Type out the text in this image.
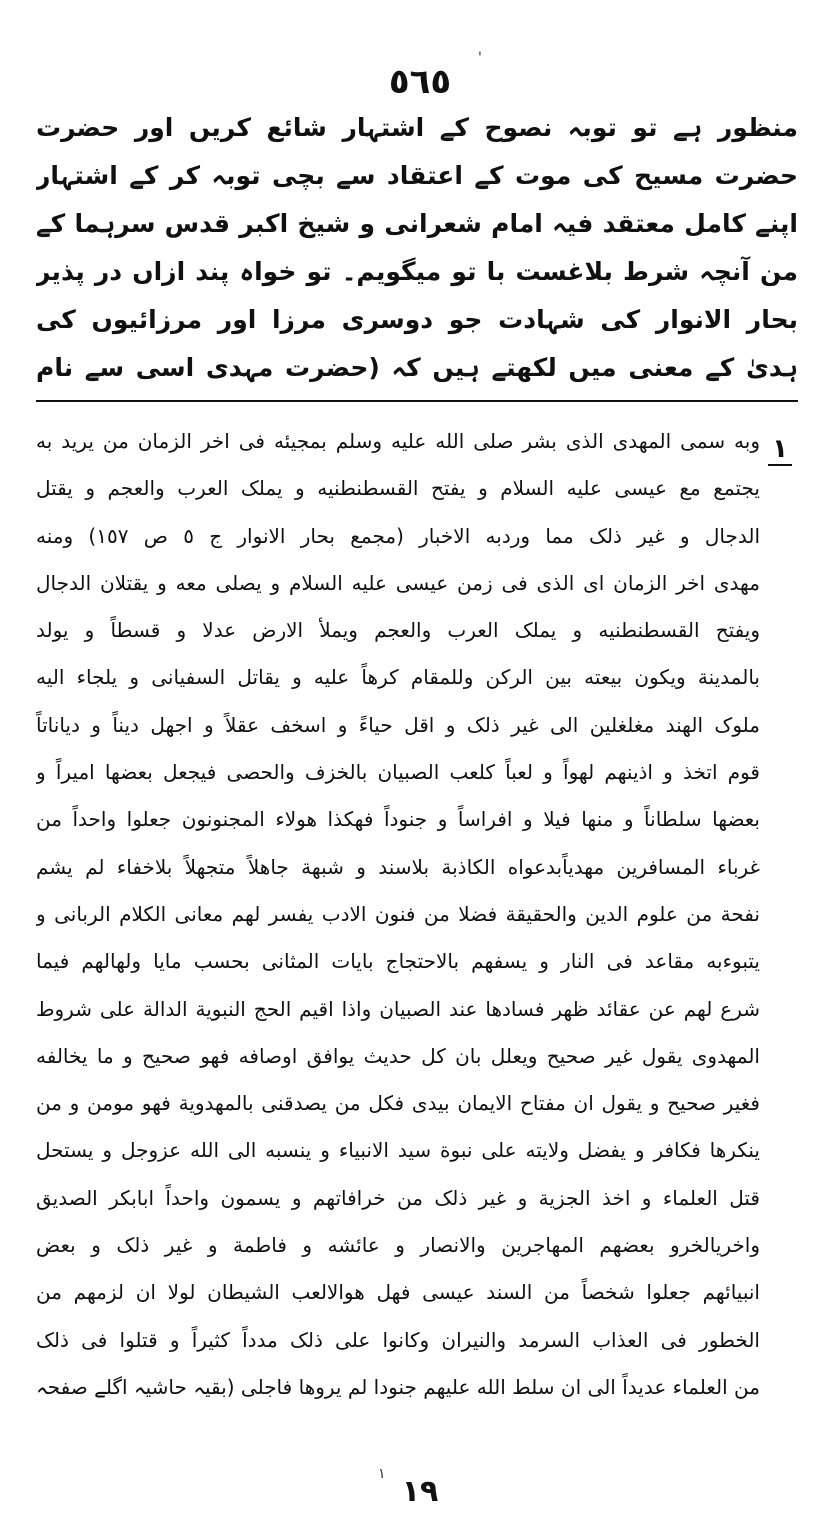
'
٥٦٥
منظور ہے تو توبہ نصوح کے اشتہار شائع کریں اور حضرت
حضرت مسیح کی موت کے اعتقاد سے بچی توبہ کر کے اشتہار
اپنے کامل معتقد فیہ امام شعرانی و شیخ اکبر قدس سرہما کے
من آنچہ شرط بلاغست با تو میگویم۔ تو خواہ پند ازاں در پذیر
بحار الانوار کی شہادت جو دوسری مرزا اور مرزائیوں کی
ہدیٰ کے معنی میں لکھتے ہیں کہ (حضرت مہدی اسی سے نام
۱
وبه سمى المهدى الذى بشر صلى الله عليه وسلم بمجيئه فى اخر الزمان من يريد به
يجتمع مع عيسى عليه السلام و يفتح القسطنطنيه و يملک العرب والعجم و يقتل
الدجال و غير ذلک مما وردبه الاخبار (مجمع بحار الانوار ج ٥ ص ١٥٧) ومنه
مهدى اخر الزمان اى الذى فى زمن عيسى عليه السلام و يصلى معه و يقتلان الدجال
ويفتح القسطنطنيه و يملک العرب والعجم ويملأ الارض عدلا و قسطاً و يولد
بالمدينة ويكون بيعته بين الركن وللمقام كرهاً عليه و يقاتل السفيانى و يلجاء اليه
ملوک الهند مغلغلين الى غير ذلک و اقل حياءً و اسخف عقلاً و اجهل ديناً و دياناتاً
قوم اتخذ و اذينهم لهواً و لعباً كلعب الصبيان بالخزف والحصى فيجعل بعضها اميراً و
بعضها سلطاناً و منها فيلا و افراساً و جنوداً فهكذا هولاء المجنونون جعلوا واحداً من
غرباء المسافرين مهدياًبدعواه الكاذبة بلاسند و شبهة جاهلاً متجهلاً بلاخفاء لم يشم
نفحة من علوم الدين والحقيقة فضلا من فنون الادب يفسر لهم معانى الكلام الربانى و
يتبوءبه مقاعد فى النار و يسفهم بالاحتجاج بايات المثانى بحسب مايا ولهالهم فيما
شرع لهم عن عقائد ظهر فسادها عند الصبيان واذا اقيم الحج النبوية الدالة على شروط
المهدوى يقول غير صحيح ويعلل بان كل حديث يوافق اوصافه فهو صحيح و ما يخالفه
فغير صحيح و يقول ان مفتاح الايمان بيدى فكل من يصدقنى بالمهدوية فهو مومن و من
ينكرها فكافر و يفضل ولايته على نبوة سيد الانبياء و ينسبه الى الله عزوجل و يستحل
قتل العلماء و اخذ الجزية و غير ذلک من خرافاتهم و يسمون واحداً ابابكر الصديق
واخريالخرو بعضهم المهاجرين والانصار و عائشه و فاطمة و غير ذلک و بعض
انبيائهم جعلوا شخصاً من السند عيسى فهل هوالالعب الشيطان لولا ان لزمهم من
الخطور فى العذاب السرمد والنيران وكانوا على ذلک مدداً كثيراً و قتلوا فى ذلک
من العلماء عديداً الى ان سلط الله عليهم جنودا لم يروها فاجلى (بقیہ حاشیہ اگلے صفحہ
۱ ۱۹
